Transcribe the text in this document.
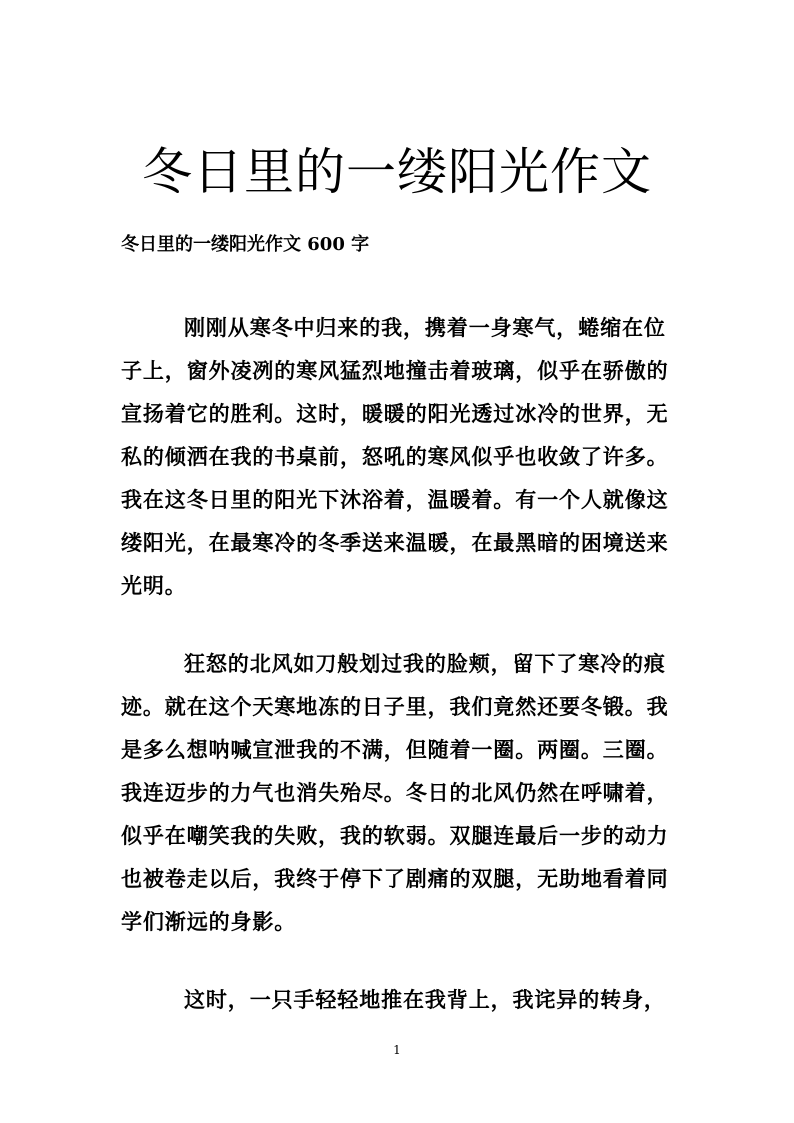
冬日里的一缕阳光作文
冬日里的一缕阳光作文 600 字
刚刚从寒冬中归来的我，携着一身寒气，蜷缩在位
子上，窗外凌冽的寒风猛烈地撞击着玻璃，似乎在骄傲的
宣扬着它的胜利。这时，暖暖的阳光透过冰冷的世界，无
私的倾洒在我的书桌前，怒吼的寒风似乎也收敛了许多。
我在这冬日里的阳光下沐浴着，温暖着。有一个人就像这
缕阳光，在最寒冷的冬季送来温暖，在最黑暗的困境送来
光明。
狂怒的北风如刀般划过我的脸颊，留下了寒冷的痕
迹。就在这个天寒地冻的日子里，我们竟然还要冬锻。我
是多么想呐喊宣泄我的不满，但随着一圈。两圈。三圈。
我连迈步的力气也消失殆尽。冬日的北风仍然在呼啸着，
似乎在嘲笑我的失败，我的软弱。双腿连最后一步的动力
也被卷走以后，我终于停下了剧痛的双腿，无助地看着同
学们渐远的身影。
这时，一只手轻轻地推在我背上，我诧异的转身，
1
